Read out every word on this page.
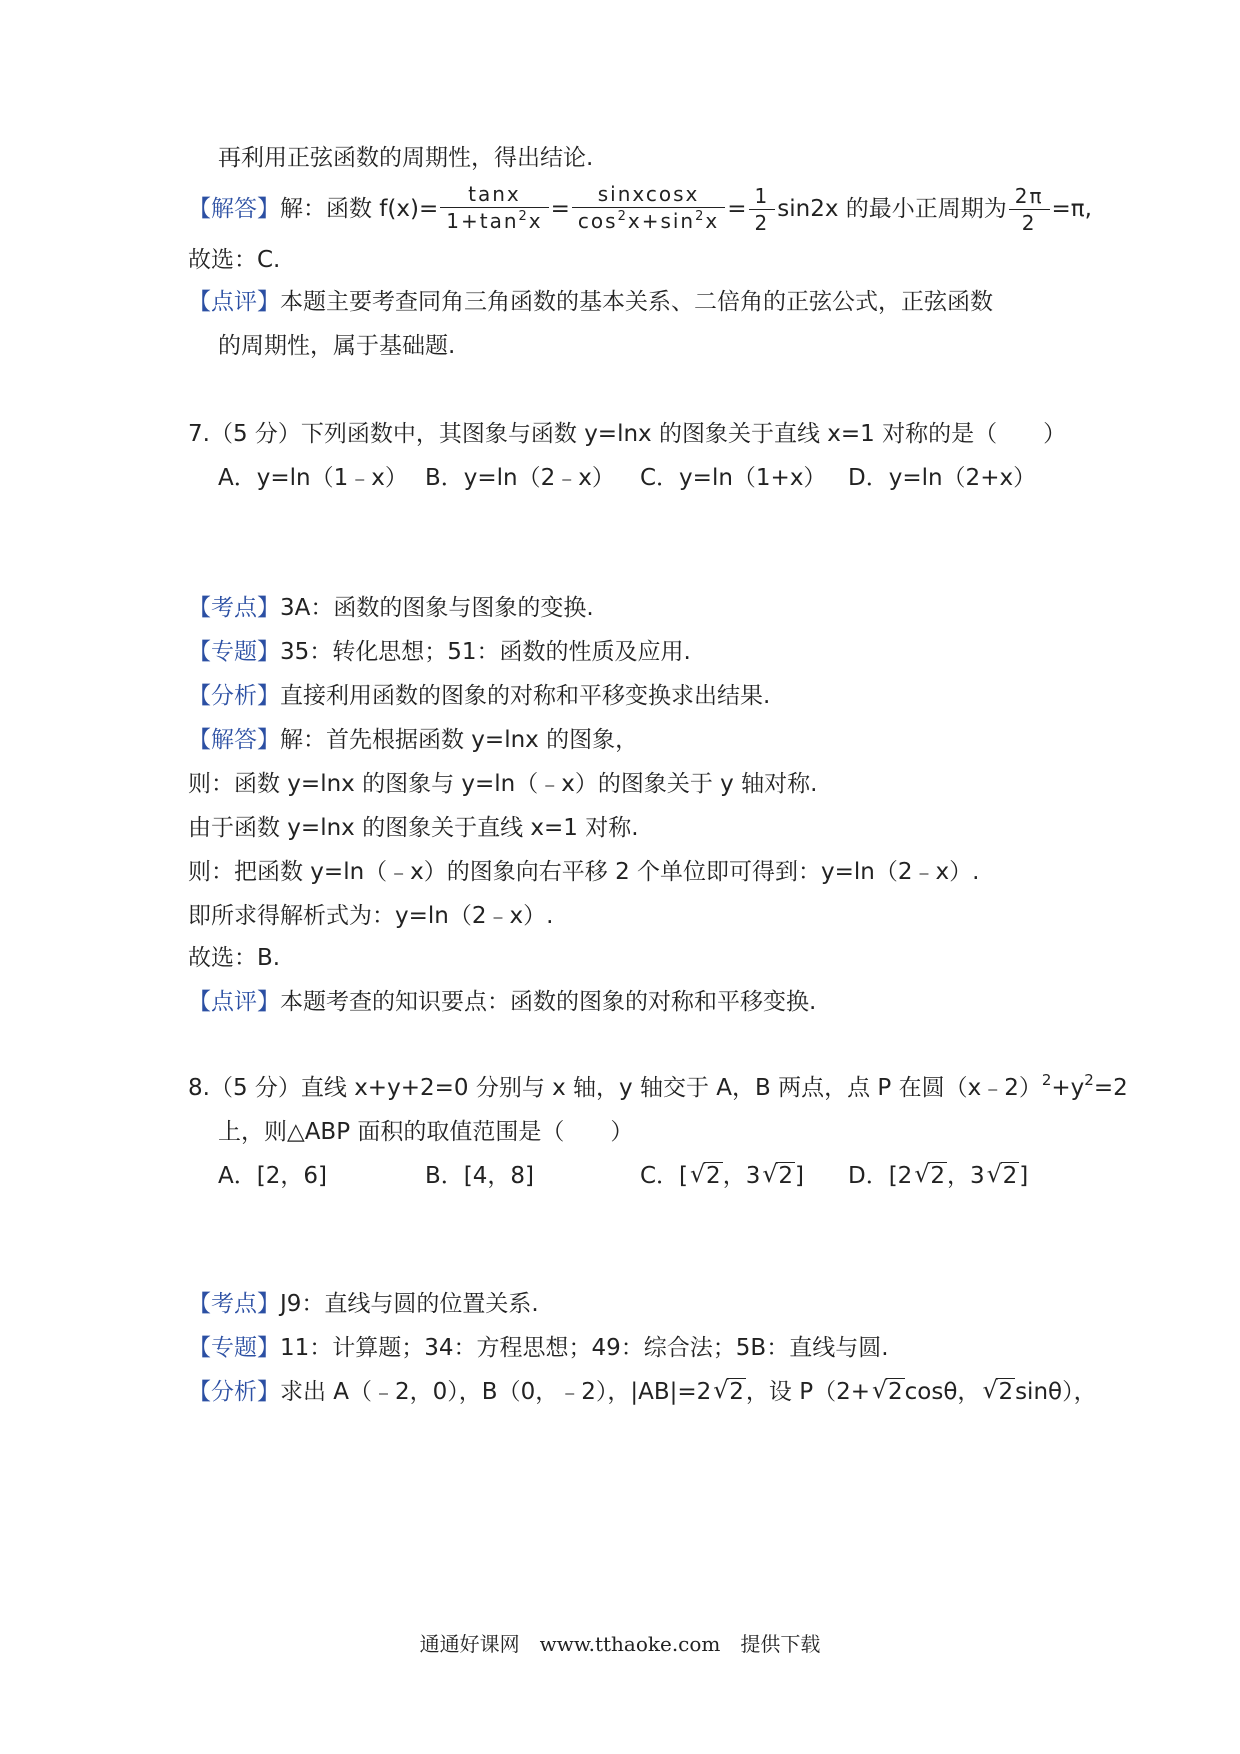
再利用正弦函数的周期性，得出结论.
【解答】解：函数 $f(x)= \frac{\tan x}{1+\tan^2x} = \frac{\text{sinxcosx}}{\cos^2x+\sin^2x} = \frac{1}{2} \sin 2x$ 的最小正周期为 $\frac{2\pi}{2} =\pi$,
故选：C.
【点评】本题主要考查同角三角函数的基本关系、二倍角的正弦公式，正弦函数
的周期性，属于基础题.
7.（5 分）下列函数中，其图象与函数 y=lnx 的图象关于直线 x=1 对称的是（　　）
A．y=ln（1﹣x） B．y=ln（2﹣x） C．y=ln（1+x） D．y=ln（2+x）
【考点】3A：函数的图象与图象的变换.
【专题】35：转化思想；51：函数的性质及应用.
【分析】直接利用函数的图象的对称和平移变换求出结果.
【解答】解：首先根据函数 y=lnx 的图象，
则：函数 y=lnx 的图象与 y=ln（﹣x）的图象关于 y 轴对称.
由于函数 y=lnx 的图象关于直线 x=1 对称.
则：把函数 y=ln（﹣x）的图象向右平移 2 个单位即可得到：y=ln（2﹣x）.
即所求得解析式为：y=ln（2﹣x）.
故选：B.
【点评】本题考查的知识要点：函数的图象的对称和平移变换.
8.（5 分）直线 x+y+2=0 分别与 x 轴，y 轴交于 A，B 两点，点 P 在圆$(x﹣2)^2+y^2=2$
上，则△ABP 面积的取值范围是（　　）
A．[2，6]	B．[4，8]	C．[ √ 2，3 √ 2] D．[2 √ 2，3 √ 2]
【考点】J9：直线与圆的位置关系.
【专题】11：计算题；34：方程思想；49：综合法；5B：直线与圆.
【分析】求出 A（﹣2，0），B（0，﹣2），|AB|=2 √ 2，设 P（2+ √ 2cosθ， √ 2sinθ），
通通好课网　www.tthaoke.com　提供下载
